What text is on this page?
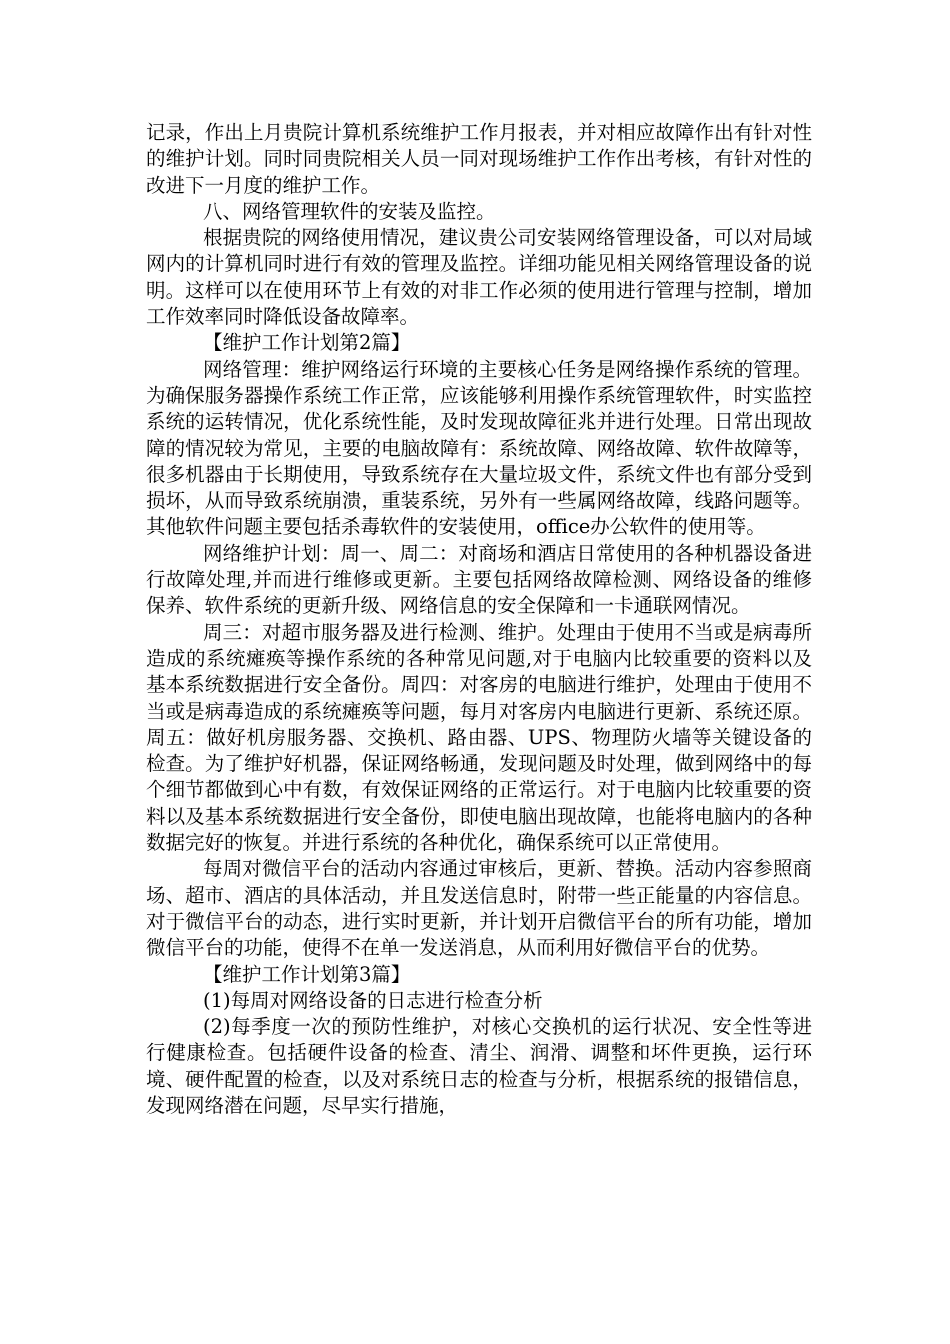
记录，作出上月贵院计算机系统维护工作月报表，并对相应故障作出有针对性的维护计划。同时同贵院相关人员一同对现场维护工作作出考核，有针对性的改进下一月度的维护工作。

八、网络管理软件的安装及监控。

根据贵院的网络使用情况，建议贵公司安装网络管理设备，可以对局域网内的计算机同时进行有效的管理及监控。详细功能见相关网络管理设备的说明。这样可以在使用环节上有效的对非工作必须的使用进行管理与控制，增加工作效率同时降低设备故障率。

【维护工作计划第2篇】

网络管理：维护网络运行环境的主要核心任务是网络操作系统的管理。为确保服务器操作系统工作正常，应该能够利用操作系统管理软件，时实监控系统的运转情况，优化系统性能，及时发现故障征兆并进行处理。日常出现故障的情况较为常见，主要的电脑故障有：系统故障、网络故障、软件故障等，很多机器由于长期使用，导致系统存在大量垃圾文件，系统文件也有部分受到损坏，从而导致系统崩溃，重装系统，另外有一些属网络故障，线路问题等。其他软件问题主要包括杀毒软件的安装使用，office办公软件的使用等。

网络维护计划：周一、周二：对商场和酒店日常使用的各种机器设备进行故障处理,并而进行维修或更新。主要包括网络故障检测、网络设备的维修保养、软件系统的更新升级、网络信息的安全保障和一卡通联网情况。

周三：对超市服务器及进行检测、维护。处理由于使用不当或是病毒所造成的系统瘫痪等操作系统的各种常见问题,对于电脑内比较重要的资料以及基本系统数据进行安全备份。周四：对客房的电脑进行维护，处理由于使用不当或是病毒造成的系统瘫痪等问题，每月对客房内电脑进行更新、系统还原。周五：做好机房服务器、交换机、路由器、UPS、物理防火墙等关键设备的检查。为了维护好机器，保证网络畅通，发现问题及时处理，做到网络中的每个细节都做到心中有数，有效保证网络的正常运行。对于电脑内比较重要的资料以及基本系统数据进行安全备份，即使电脑出现故障，也能将电脑内的各种数据完好的恢复。并进行系统的各种优化，确保系统可以正常使用。

每周对微信平台的活动内容通过审核后，更新、替换。活动内容参照商场、超市、酒店的具体活动，并且发送信息时，附带一些正能量的内容信息。对于微信平台的动态，进行实时更新，并计划开启微信平台的所有功能，增加微信平台的功能，使得不在单一发送消息，从而利用好微信平台的优势。

【维护工作计划第3篇】

(1)每周对网络设备的日志进行检查分析

(2)每季度一次的预防性维护，对核心交换机的运行状况、安全性等进行健康检查。包括硬件设备的检查、清尘、润滑、调整和坏件更换，运行环境、硬件配置的检查，以及对系统日志的检查与分析，根据系统的报错信息，发现网络潜在问题，尽早实行措施，
